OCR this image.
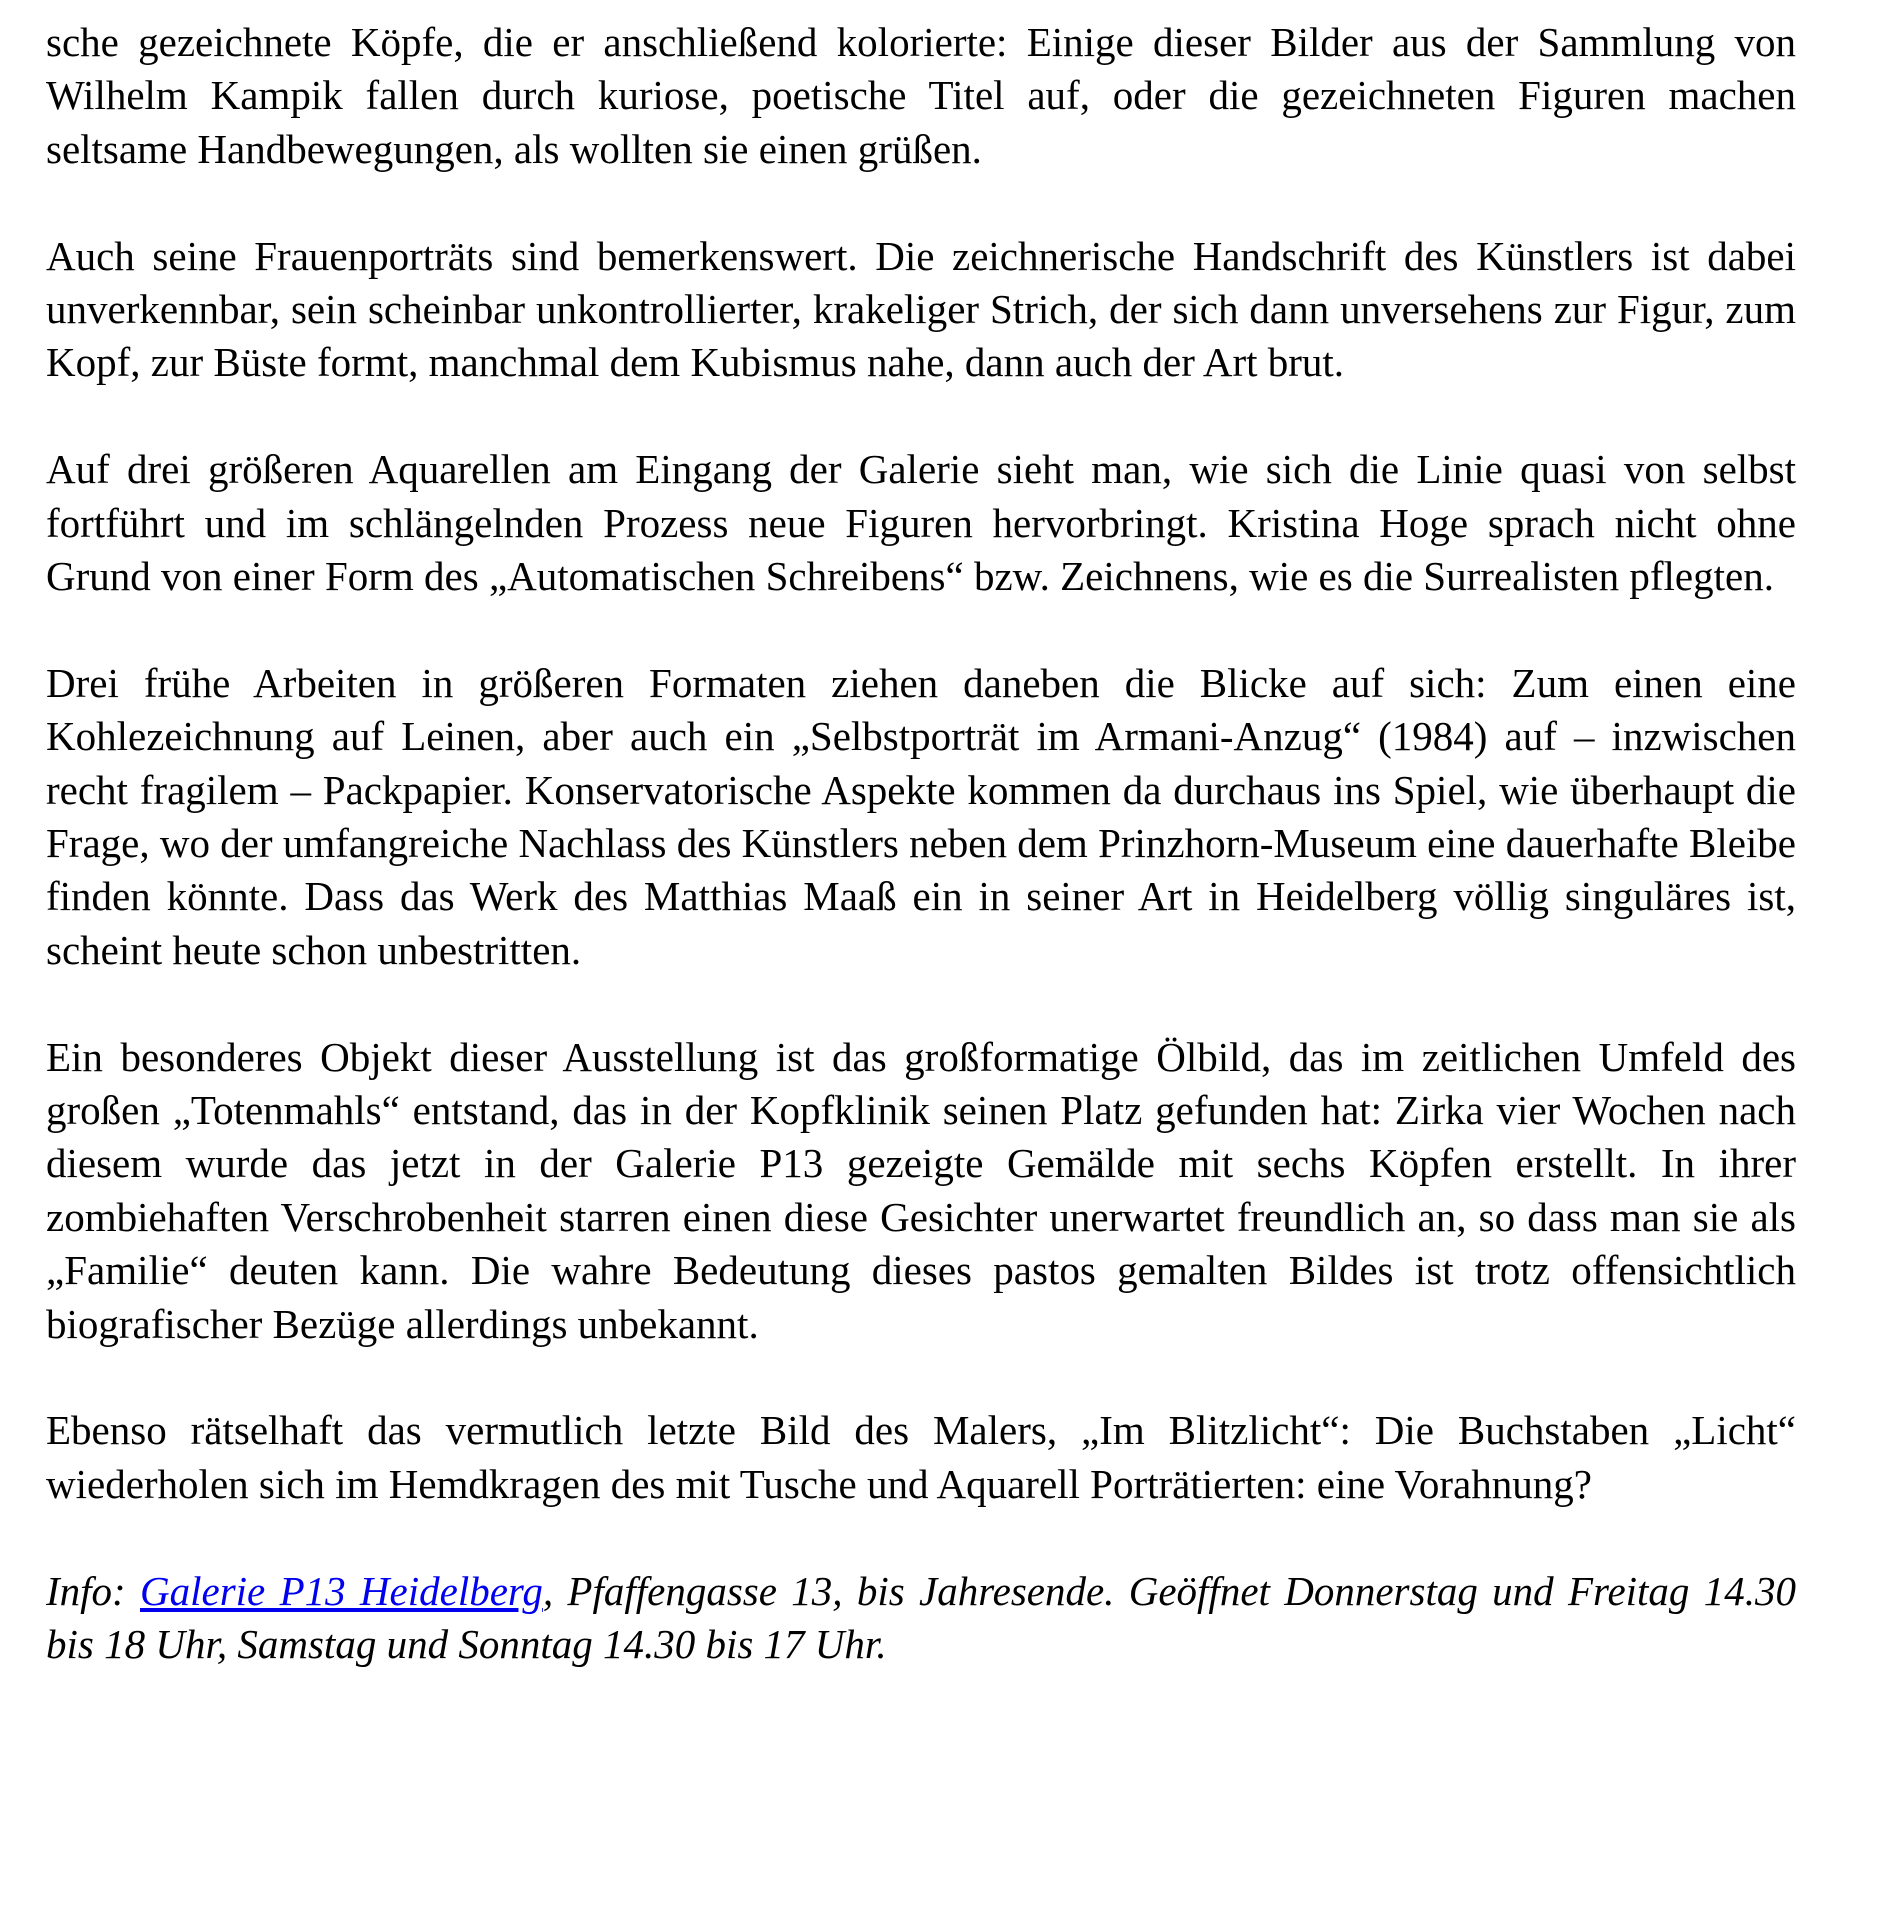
sche gezeichnete Köpfe, die er anschließend kolorierte: Einige dieser Bilder aus der Sammlung von Wilhelm Kampik fallen durch kuriose, poetische Titel auf, oder die gezeichneten Figuren machen seltsame Handbewegungen, als wollten sie einen grüßen.

Auch seine Frauenporträts sind bemerkenswert. Die zeichnerische Handschrift des Künstlers ist dabei unverkennbar, sein scheinbar unkontrollierter, krakeliger Strich, der sich dann unversehens zur Figur, zum Kopf, zur Büste formt, manchmal dem Kubismus nahe, dann auch der Art brut.

Auf drei größeren Aquarellen am Eingang der Galerie sieht man, wie sich die Linie quasi von selbst fortführt und im schlängelnden Prozess neue Figuren hervorbringt. Kristina Hoge sprach nicht ohne Grund von einer Form des „Automatischen Schreibens“ bzw. Zeichnens, wie es die Surrealisten pflegten.

Drei frühe Arbeiten in größeren Formaten ziehen daneben die Blicke auf sich: Zum einen eine Kohlezeichnung auf Leinen, aber auch ein „Selbstporträt im Armani-Anzug“ (1984) auf – inzwischen recht fragilem – Packpapier. Konservatorische Aspekte kommen da durchaus ins Spiel, wie überhaupt die Frage, wo der umfangreiche Nachlass des Künstlers neben dem Prinzhorn-Museum eine dauerhafte Bleibe finden könnte. Dass das Werk des Matthias Maaß ein in seiner Art in Heidelberg völlig singuläres ist, scheint heute schon unbestritten.

Ein besonderes Objekt dieser Ausstellung ist das großformatige Ölbild, das im zeitlichen Umfeld des großen „Totenmahls“ entstand, das in der Kopfklinik seinen Platz gefunden hat: Zirka vier Wochen nach diesem wurde das jetzt in der Galerie P13 gezeigte Gemälde mit sechs Köpfen erstellt. In ihrer zombiehaften Verschrobenheit starren einen diese Gesichter unerwartet freundlich an, so dass man sie als „Familie“ deuten kann. Die wahre Bedeutung dieses pastos gemalten Bildes ist trotz offensichtlich biografischer Bezüge allerdings unbekannt.

Ebenso rätselhaft das vermutlich letzte Bild des Malers, „Im Blitzlicht“: Die Buchstaben „Licht“ wiederholen sich im Hemdkragen des mit Tusche und Aquarell Porträtierten: eine Vorahnung?

Info: Galerie P13 Heidelberg, Pfaffengasse 13, bis Jahresende. Geöffnet Donnerstag und Freitag 14.30 bis 18 Uhr, Samstag und Sonntag 14.30 bis 17 Uhr.
